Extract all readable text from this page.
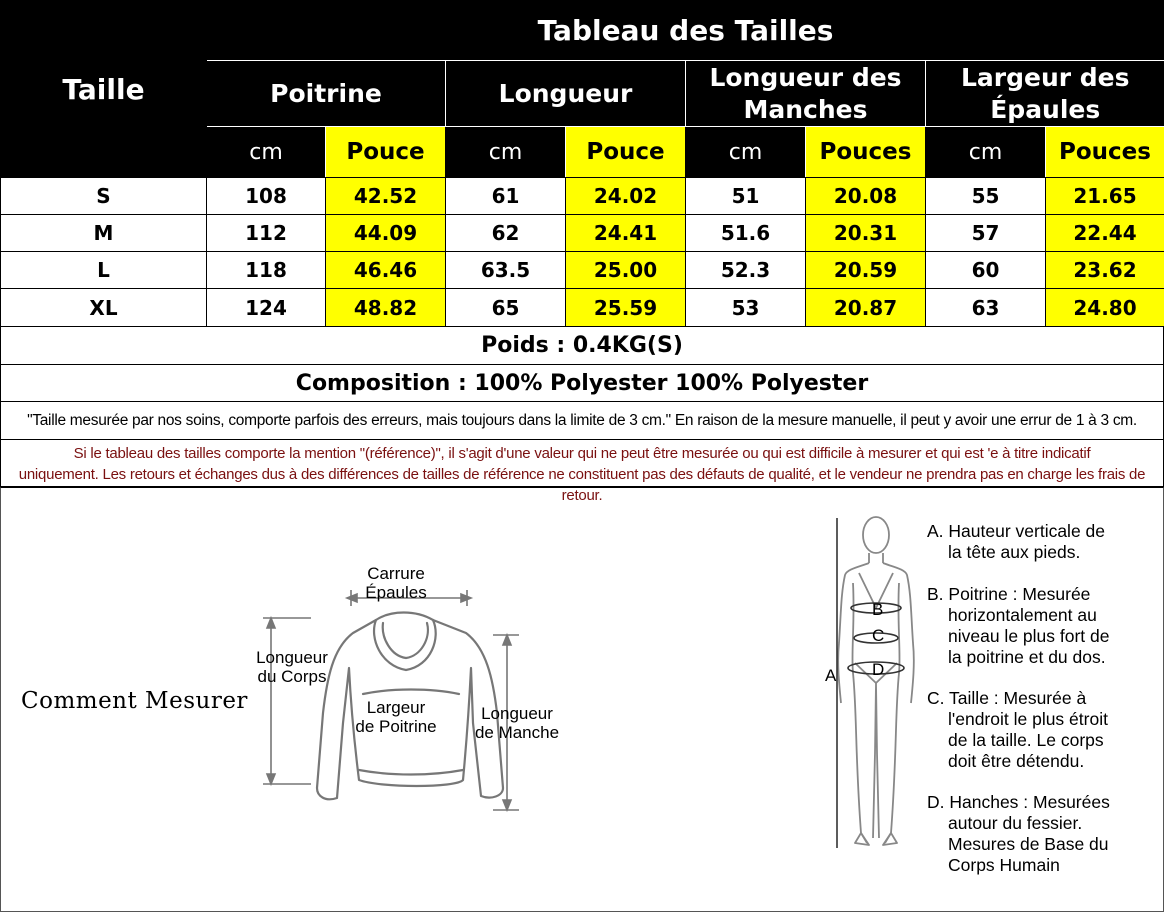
Taille	Tableau des Tailles							
	Poitrine		Longueur		Longueur des Manches		Largeur des Épaules	
	cm	Pouce	cm	Pouce	cm	Pouces	cm	Pouces
S	108	42.52	61	24.02	51	20.08	55	21.65
M	112	44.09	62	24.41	51.6	20.31	57	22.44
L	118	46.46	63.5	25.00	52.3	20.59	60	23.62
XL	124	48.82	65	25.59	53	20.87	63	24.80
Poids : 0.4KG(S)
Composition : 100% Polyester 100% Polyester
"Taille mesurée par nos soins, comporte parfois des erreurs, mais toujours dans la limite de 3 cm." En raison de la mesure manuelle, il peut y avoir une errur de 1 à 3 cm.
Si le tableau des tailles comporte la mention "(référence)", il s'agit d'une valeur qui ne peut être mesurée ou qui est difficile à mesurer et qui est 'e à titre indicatif
uniquement. Les retours et échanges dus à des différences de tailles de référence ne constituent pas des défauts de qualité, et le vendeur ne prendra pas en charge les frais de retour.
Comment Mesurer
Carrure
Épaules
Longueur
du Corps
Largeur
de Poitrine
Longueur
de Manche
A
B
C
D
A. Hauteur verticale de
la tête aux pieds.
B. Poitrine : Mesurée
horizontalement au
niveau le plus fort de
la poitrine et du dos.
C. Taille : Mesurée à
l'endroit le plus étroit
de la taille. Le corps
doit être détendu.
D. Hanches : Mesurées
autour du fessier.
Mesures de Base du
Corps Humain
